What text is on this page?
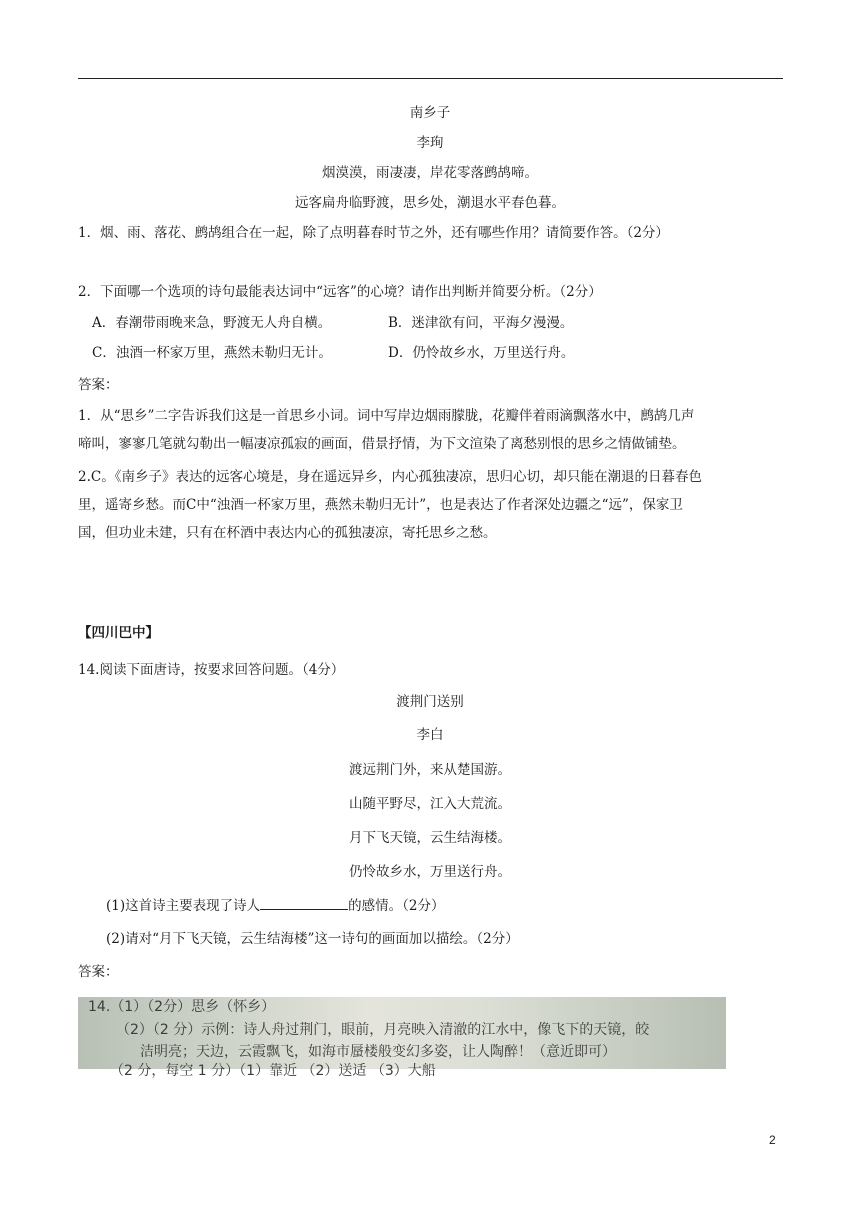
南乡子
李珣
烟漠漠，雨凄凄，岸花零落鹧鸪啼。
远客扁舟临野渡，思乡处，潮退水平春色暮。
1．烟、雨、落花、鹧鸪组合在一起，除了点明暮春时节之外，还有哪些作用？请简要作答。（2分）
2．下面哪一个选项的诗句最能表达词中“远客”的心境？请作出判断并简要分析。（2分）
A．春潮带雨晚来急，野渡无人舟自横。	B．迷津欲有问，平海夕漫漫。
C．浊酒一杯家万里，燕然未勒归无计。	D．仍怜故乡水，万里送行舟。
答案：
1．从“思乡”二字告诉我们这是一首思乡小词。词中写岸边烟雨朦胧，花瓣伴着雨滴飘落水中，鹧鸪几声
啼叫，寥寥几笔就勾勒出一幅凄凉孤寂的画面，借景抒情，为下文渲染了离愁别恨的思乡之情做铺垫。
2.C。《南乡子》表达的远客心境是，身在遥远异乡，内心孤独凄凉，思归心切，却只能在潮退的日暮春色
里，遥寄乡愁。而C中“浊酒一杯家万里，燕然未勒归无计”，也是表达了作者深处边疆之“远”，保家卫
国，但功业未建，只有在杯酒中表达内心的孤独凄凉，寄托思乡之愁。
【四川巴中】
14.阅读下面唐诗，按要求回答问题。（4分）
渡荆门送别
李白
渡远荆门外，来从楚国游。
山随平野尽，江入大荒流。
月下飞天镜，云生结海楼。
仍怜故乡水，万里送行舟。
(1)这首诗主要表现了诗人	的感情。（2分）
(2)请对“月下飞天镜，云生结海楼”这一诗句的画面加以描绘。（2分）
答案：
14.（1）（2分）思乡（怀乡）
（2）（2 分）示例：诗人舟过荆门，眼前，月亮映入清澈的江水中，像飞下的天镜，皎
洁明亮；天边，云霞飘飞，如海市蜃楼般变幻多姿，让人陶醉！（意近即可）
（2 分，每空 1 分）（1）靠近 （2）送适 （3）大船
2
